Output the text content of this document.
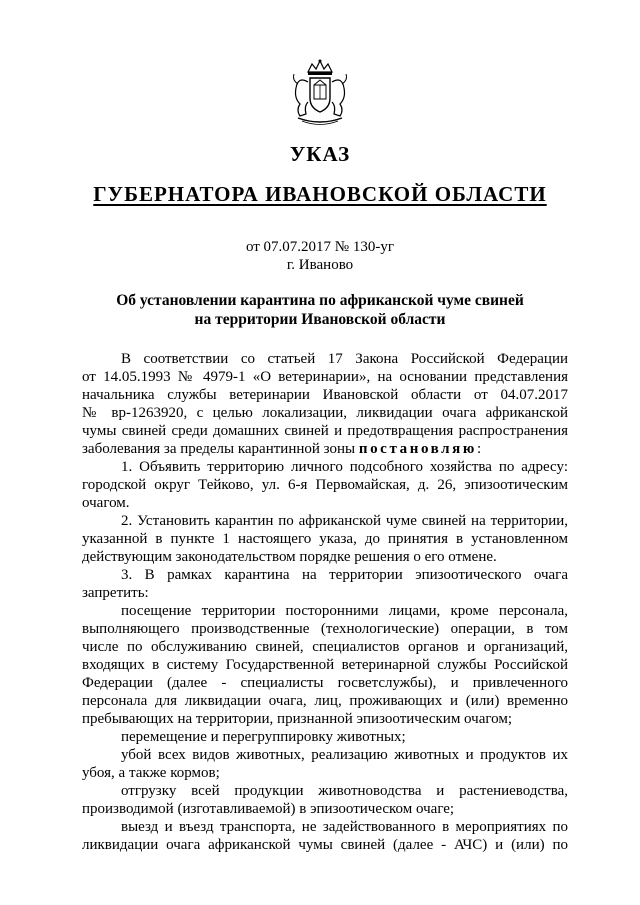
УКАЗ
ГУБЕРНАТОРА ИВАНОВСКОЙ ОБЛАСТИ
от 07.07.2017 № 130-уг
г. Иваново
Об установлении карантина по африканской чуме свиней
на территории Ивановской области
В соответствии со статьей 17 Закона Российской Федерации
от 14.05.1993 № 4979-1 «О ветеринарии», на основании представления
начальника службы ветеринарии Ивановской области от 04.07.2017
№ вр-1263920, с целью локализации, ликвидации очага африканской
чумы свиней среди домашних свиней и предотвращения распространения
заболевания за пределы карантинной зоны постановляю:
1. Объявить территорию личного подсобного хозяйства по адресу:
городской округ Тейково, ул. 6-я Первомайская, д. 26, эпизоотическим
очагом.
2. Установить карантин по африканской чуме свиней на территории,
указанной в пункте 1 настоящего указа, до принятия в установленном
действующим законодательством порядке решения о его отмене.
3. В рамках карантина на территории эпизоотического очага
запретить:
посещение территории посторонними лицами, кроме персонала,
выполняющего производственные (технологические) операции, в том
числе по обслуживанию свиней, специалистов органов и организаций,
входящих в систему Государственной ветеринарной службы Российской
Федерации (далее - специалисты госветслужбы), и привлеченного
персонала для ликвидации очага, лиц, проживающих и (или) временно
пребывающих на территории, признанной эпизоотическим очагом;
перемещение и перегруппировку животных;
убой всех видов животных, реализацию животных и продуктов их
убоя, а также кормов;
отгрузку всей продукции животноводства и растениеводства,
производимой (изготавливаемой) в эпизоотическом очаге;
выезд и въезд транспорта, не задействованного в мероприятиях по
ликвидации очага африканской чумы свиней (далее - АЧС) и (или) по
